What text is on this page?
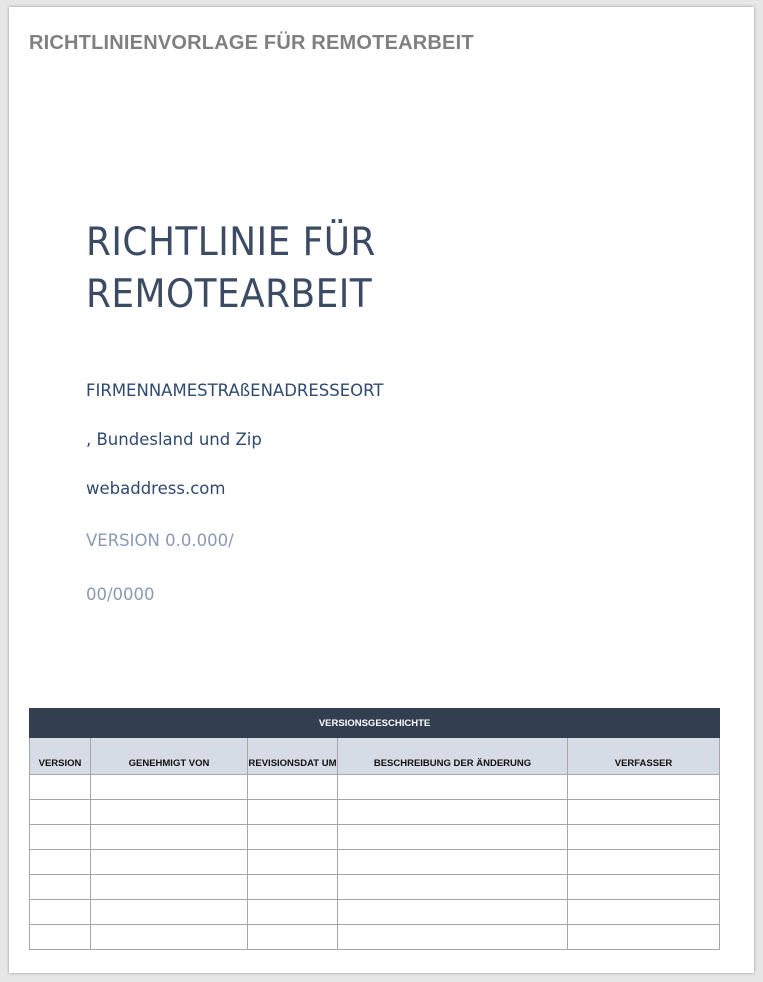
RICHTLINIENVORLAGE FÜR REMOTEARBEIT
RICHTLINIE FÜR
REMOTEARBEIT
FIRMENNAMESTRAßENADRESSEORT
, Bundesland und Zip
webaddress.com
VERSION 0.0.000/
00/0000
VERSIONSGESCHICHTE				
VERSION	GENEHMIGT VON	REVISIONSDAT UM	BESCHREIBUNG DER ÄNDERUNG	VERFASSER
